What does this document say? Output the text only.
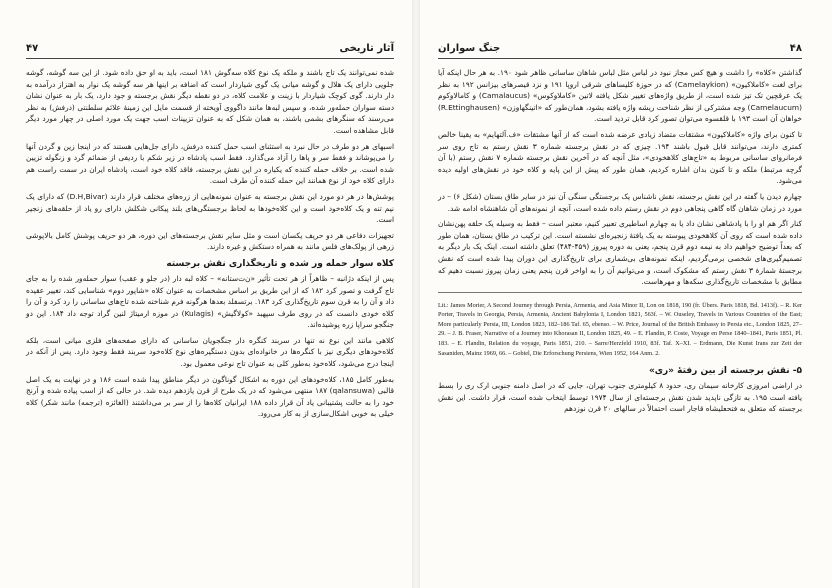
آثار تاریخی
۴۷

شده نمی‌توانند یک تاج باشند و ملکه یک نوع کلاه سه‌گوش ۱۸۱ است، باید به او حق داده شود. از این سه گوشه، گوشه جلویی دارای یک هلال و گوشه میانی یک گوی شیاردار است که اضافه بر اینها هر سه گوشه یک نوار به اهتزاز درآمده به دار دارند. گوی کوچک شیاردار با زینت و علامت کلاه، در دو نقطه دیگر نقش برجسته و جود دارد، یک بار به عنوان نشان دسته سواران حمله‌ور شده، و سپس لبه‌ها مانند داگووی آویخته از قسمت مایل این زمینهٔ علائم سلطنتی (درفش) به نظر می‌رسند که سنگرهای بشمی باشند، به همان شکل که به عنوان تزیینات اسب جهت یک مورد اصلی در چهار مورد دیگر قابل مشاهده است.

اسبهای هر دو طرف در حال نبرد به استثنای اسب حمل کننده درفش، دارای جل‌هایی هستند که در اینجا زین و گردن آنها را می‌پوشاند و فقط سر و پاها را آزاد می‌گذارد. فقط اسب پادشاه در زیر شکم با ردیفی از ضمائم گرد و زنگوله تزیین شده است. بر خلاف حمله کننده که یکباره در این نقش برجسته، فاقد کلاه خود است، پادشاه ایران در سمت راست هم دارای کلاه خود از نوع همانند این حمله کننده آن طرف است.

پوشش‌ها در هر دو مورد این نقش برجسته به عنوان نمونه‌هایی از زره‌های مختلف قرار دارند (D.H,Bivar) که دارای یک نیم تنه و یک کلاه‌خود است و این کلاه‌خودها به لحاظ برجستگی‌های بلند پیکانی شکلش دارای رو یاد از حلقه‌های زنجیر است.

تجهیزات دفاعی هر دو حریف یکسان است و مثل سایر نقش برجسته‌های این دوره، هر دو حریف پوشش کامل بالاپوشی زرهی از پولک‌های فلس مانند به همراه دستکش و غیره دارند.

کلاه سوار حمله ور شده و تاریخگذاری نقش برجسته

پس از اینکه دژانبه – ظاهراً از هر تحت تأثیر «ن‌ت‌ستانه» – کلاه لبه دار (در جلو و عقب) سوار حمله‌ور شده را به جای تاج گرفت و تصور کرد ۱۸۲ که از این طریق بر اساس مشخصات به عنوان کلاه «شاپور دوم» شناسایی کند، تغییر عقیده داد و آن را به قرن سوم تاریخ‌گذاری کرد ۱۸۳. برتسفلد بعدها هرگونه فرم شناخته شده تاج‌های ساسانی را رد کرد و آن را کلاه خودی دانست که در روی طرف سپهبد «کولاگیش» (Kulagis) در موزه ارمیتاژ لنین گراد توجه داد ۱۸۴. این دو جنگجو سراپا زره پوشیده‌اند.

کلاهی مانند این نوع نه تنها در سربند کنگره دار جنگجویان ساسانی که دارای صفحه‌های فلزی میانی است، بلکه کلاه‌خودهای دیگری نیز با کنگره‌ها در خانواده‌ای بدون دستگیره‌های نوع کلاه‌خود سربند فقط وجود دارد. پس از آنکه در اینجا درج می‌شود، کلاه‌خود به‌طور کلی به عنوان تاج نوعی معمول بود.

به‌طور کامل ۱۸۵، کلاه‌خودهای این دوره به اشکال گوناگون در دیگر مناطق پیدا شده است ۱۸۶ و در نهایت به یک اصل قالبی (qalansuwa) ۱۸۷ منتهی می‌شود که در یک طرح از قرن یازدهم دیده شد. در حالی که از اسب پیاده شده و آرنج خود را به حالت پشتیبانی یاد آن قرار داده ۱۸۸ ایرانیان کلاه‌ها را از سر بر می‌داشتند (الغائزه (ترجمه) مانند شکر) کلاه خیلی به خوبی اشکال‌سازی از به کار می‌رود.

۴۸
جنگ سواران

گذاشتن «کلاه» را داشت و هیچ کس مجاز نبود در لباس مثل لباس شاهان ساسانی ظاهر شود ۱۹۰. به هر حال اینکه آیا برای لغت «کاملاکیون» (Camelaykion) که در حوزهٔ کلیساهای شرقی اروپا ۱۹۱ و نزد قیصرهای بیزانس ۱۹۲ به نظر یک عرقچین تک تیز شده است، از طریق واژه‌های تغییر شکل یافته لاتین «کاملاوکوس» (Camalaucus) و کامالاوکوم (Camelaucum) وجه مشترکی از نظر شناخت ریشه واژه یافته بشود، همان‌طور که «اتینگهاوزن» (R.Ettinghausen) خواهان آن است ۱۹۳ با قلقسوه می‌توان تصور کرد قابل تردید است.

تا کنون برای واژه «کاملاکیون» مشتقات متضاد زیادی عرضه شده است که از آنها مشتقات «ف.آلتهایم» به یقینا خالص کمتری دارند، می‌توانند قابل قبول باشند ۱۹۴. چیزی که در نقش برجسته شماره ۳ نقش رستم به تاج روی سر فرمانروای ساسانی مربوط به «تاج‌های کلاهخودی»، مثل آنچه که در آخرین نقش برجسته شماره ۷ نقش رستم (با آن گرچه مرتبط) ملکه و تا کنون بدان اشاره کردیم، همان طور که پیش از این پایه و کلاه خود در نقش‌های اولیه دیده می‌شود.

چهارم دیدن یا گفته در این نقش برجسته، نقش ناشناس یک برجستگی سنگی آن نیز در سایر طاق بستان (شکل ۶) – در مورد در زمان شاهان گاه گاهی پنجاهی دوم در نقش رستم داده شده است، آنچه از نمونه‌های آن شاهنشاه ادامه شد.

کنار اگر هم او را با پادشاهی نشان داد یا به چهارم اساطیری تعبیر کنیم، معتبر است – فقط به وسیله یک حلقه پهن‌نشان داده شده است که روی آن کلاهخودی پیوسته به یک یافتهٔ زنجیره‌ای نشسته است. این ترکیب در طاق بستان، همان طور که بعداً توضیح خواهیم داد به نیمه دوم قرن پنجم، یعنی به دوره پیروز (۴۵۹-۴۸۴) تعلق داشته است. اینک یک بار دیگر به تصمیم‌گیری‌های شخصی برمی‌گردیم، اینکه نمونه‌های بی‌شماری برای تاریخ‌گذاری این دوران پیدا شده است که نقش برجستهٔ شمارهٔ ۳ نقش رستم که مشکوک است، و می‌توانیم آن را به اواخر قرن پنجم یعنی زمان پیروز نسبت دهیم که مطابق با مشخصات تاریخ‌گذاری سکه‌ها و مهرهاست.

Lit.: James Morier, A Second Journey through Persia, Armenia, and Asia Minor II, Lon on 1818, 190 (fr. Übers. Paris 1818, Bd. 1413f). – R. Ker Porter, Travels in Georgia, Persia, Armenia, Ancient Babylonia I, London 1821, 563f. – W. Ouseley, Travels in Various Countries of the East; More particularly Persia, III, London 1823, 182–186 Taf. 65, ebenso. – W. Price, Journal of the British Embassy to Persia etc., London 1825, 27–29. – J. B. Fraser, Narrative of a Journey into Khorasan II, London 1825, 49. – E. Flandin, P. Coste, Voyage en Perse 1840–1841, Paris 1851, Pl. 183. – E. Flandin, Relation du voyage, Paris 1851, 210. – Sarre/Herzfeld 1910, 83f. Taf. X–XI. – Erdmann, Die Kunst Irans zur Zeit der Sasaniden, Mainz 1969, 66. – Gobiel, Die Erforschung Persiens, Wien 1952, 164 Anm. 2.

۵- نقش برجسته از بین رفتهٔ «ری»

در اراضی امروزی کارخانه سیمان ری، حدود ۸ کیلومتری جنوب تهران، جایی که در اصل دامنه جنوبی ارک ری را بسط یافته است ۱۹۵. به تازگی ناپدید شدن نقش برجسته‌ای از سال ۱۹۷۴ توسط ایتخاب شده است، قرار داشت. این نقش برجسته که متعلق به فتحعلیشاه قاجار است احتمالاً در سالهای ۲۰ قرن نوزدهم
